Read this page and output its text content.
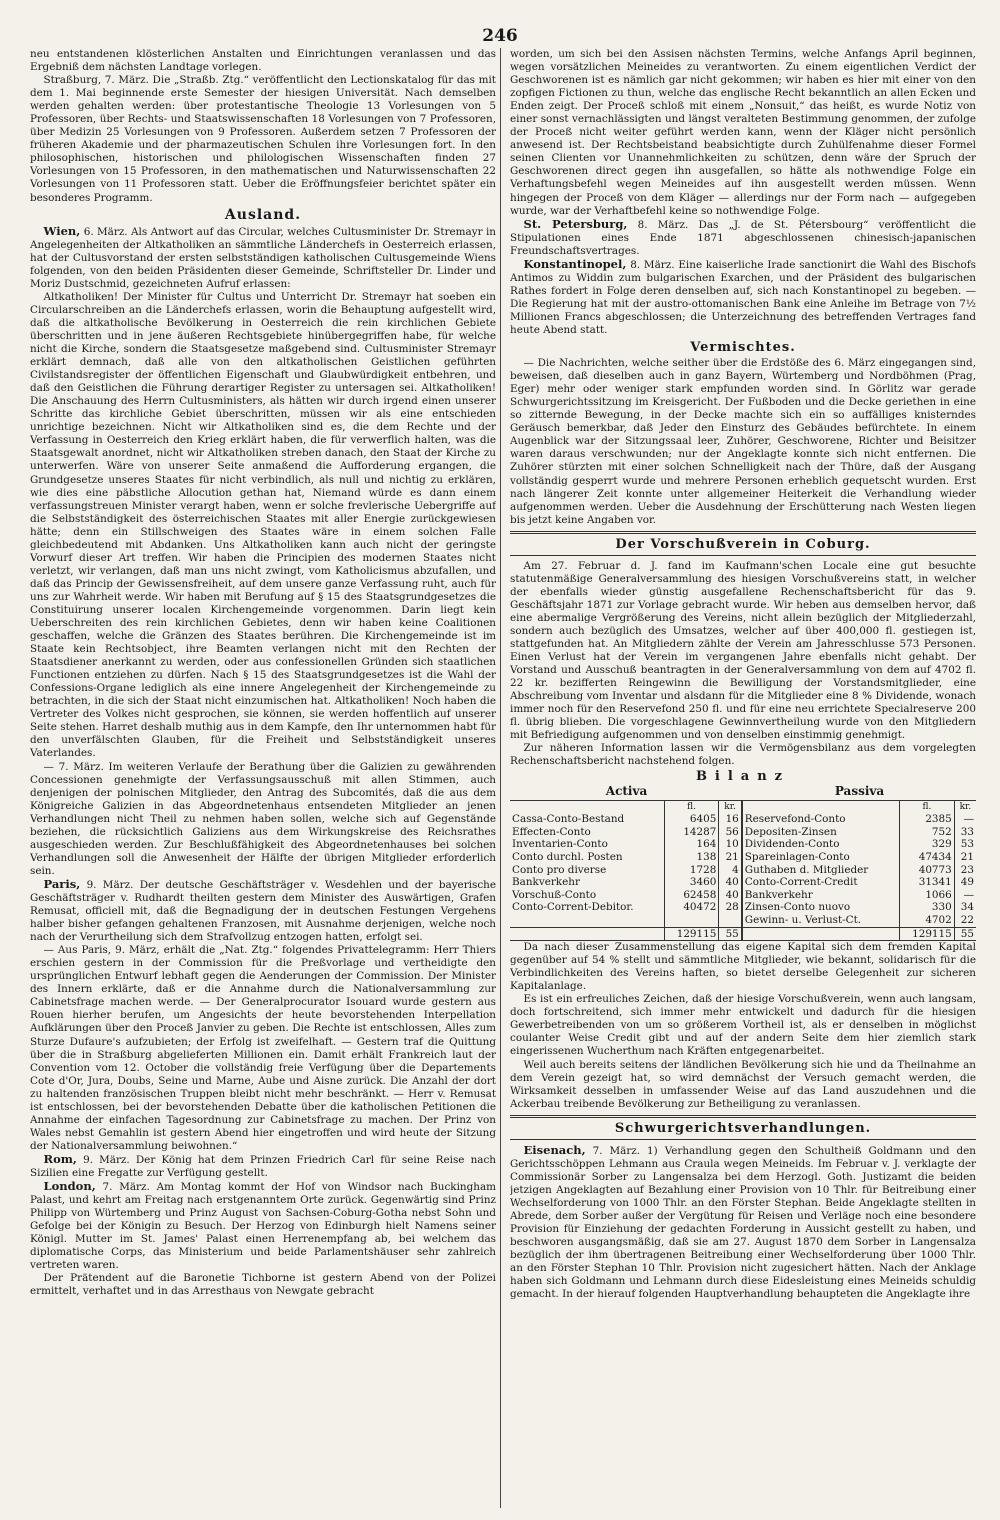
246

neu entstandenen klösterlichen Anstalten und Einrichtungen veranlassen und das Ergebniß dem nächsten Landtage vorlegen.

Straßburg, 7. März. Die „Straßb. Ztg.“ veröffentlicht den Lectionskatalog für das mit dem 1. Mai beginnende erste Semester der hiesigen Universität. Nach demselben werden gehalten werden: über protestantische Theologie 13 Vorlesungen von 5 Professoren, über Rechts- und Staatswissenschaften 18 Vorlesungen von 7 Professoren, über Medizin 25 Vorlesungen von 9 Professoren. Außerdem setzen 7 Professoren der früheren Akademie und der pharmazeutischen Schulen ihre Vorlesungen fort. In den philosophischen, historischen und philologischen Wissenschaften finden 27 Vorlesungen von 15 Professoren, in den mathematischen und Naturwissenschaften 22 Vorlesungen von 11 Professoren statt. Ueber die Eröffnungsfeier berichtet später ein besonderes Programm.

Ausland.

Wien, 6. März. Als Antwort auf das Circular, welches Cultusminister Dr. Stremayr in Angelegenheiten der Altkatholiken an sämmtliche Länderchefs in Oesterreich erlassen, hat der Cultusvorstand der ersten selbstständigen katholischen Cultusgemeinde Wiens folgenden, von den beiden Präsidenten dieser Gemeinde, Schriftsteller Dr. Linder und Moriz Dustschmid, gezeichneten Aufruf erlassen:

Altkatholiken! Der Minister für Cultus und Unterricht Dr. Stremayr hat soeben ein Circularschreiben an die Länderchefs erlassen, worin die Behauptung aufgestellt wird, daß die altkatholische Bevölkerung in Oesterreich die rein kirchlichen Gebiete überschritten und in jene äußeren Rechtsgebiete hinübergegriffen habe, für welche nicht die Kirche, sondern die Staatsgesetze maßgebend sind. Cultusminister Stremayr erklärt demnach, daß alle von den altkatholischen Geistlichen geführten Civilstandsregister der öffentlichen Eigenschaft und Glaubwürdigkeit entbehren, und daß den Geistlichen die Führung derartiger Register zu untersagen sei. Altkatholiken! Die Anschauung des Herrn Cultusministers, als hätten wir durch irgend einen unserer Schritte das kirchliche Gebiet überschritten, müssen wir als eine entschieden unrichtige bezeichnen. Nicht wir Altkatholiken sind es, die dem Rechte und der Verfassung in Oesterreich den Krieg erklärt haben, die für verwerflich halten, was die Staatsgewalt anordnet, nicht wir Altkatholiken streben danach, den Staat der Kirche zu unterwerfen. Wäre von unserer Seite anmaßend die Aufforderung ergangen, die Grundgesetze unseres Staates für nicht verbindlich, als null und nichtig zu erklären, wie dies eine päbstliche Allocution gethan hat, Niemand würde es dann einem verfassungstreuen Minister verargt haben, wenn er solche frevlerische Uebergriffe auf die Selbstständigkeit des österreichischen Staates mit aller Energie zurückgewiesen hätte; denn ein Stillschweigen des Staates wäre in einem solchen Falle gleichbedeutend mit Abdanken. Uns Altkatholiken kann auch nicht der geringste Vorwurf dieser Art treffen. Wir haben die Principien des modernen Staates nicht verletzt, wir verlangen, daß man uns nicht zwingt, vom Katholicismus abzufallen, und daß das Princip der Gewissensfreiheit, auf dem unsere ganze Verfassung ruht, auch für uns zur Wahrheit werde. Wir haben mit Berufung auf § 15 des Staatsgrundgesetzes die Constituirung unserer localen Kirchengemeinde vorgenommen. Darin liegt kein Ueberschreiten des rein kirchlichen Gebietes, denn wir haben keine Coalitionen geschaffen, welche die Gränzen des Staates berühren. Die Kirchengemeinde ist im Staate kein Rechtsobject, ihre Beamten verlangen nicht mit den Rechten der Staatsdiener anerkannt zu werden, oder aus confessionellen Gründen sich staatlichen Functionen entziehen zu dürfen. Nach § 15 des Staatsgrundgesetzes ist die Wahl der Confessions-Organe lediglich als eine innere Angelegenheit der Kirchengemeinde zu betrachten, in die sich der Staat nicht einzumischen hat. Altkatholiken! Noch haben die Vertreter des Volkes nicht gesprochen, sie können, sie werden hoffentlich auf unserer Seite stehen. Harret deshalb muthig aus in dem Kampfe, den Ihr unternommen habt für den unverfälschten Glauben, für die Freiheit und Selbstständigkeit unseres Vaterlandes.

— 7. März. Im weiteren Verlaufe der Berathung über die Galizien zu gewährenden Concessionen genehmigte der Verfassungsausschuß mit allen Stimmen, auch denjenigen der polnischen Mitglieder, den Antrag des Subcomités, daß die aus dem Königreiche Galizien in das Abgeordnetenhaus entsendeten Mitglieder an jenen Verhandlungen nicht Theil zu nehmen haben sollen, welche sich auf Gegenstände beziehen, die rücksichtlich Galiziens aus dem Wirkungskreise des Reichsrathes ausgeschieden werden. Zur Beschlußfähigkeit des Abgeordnetenhauses bei solchen Verhandlungen soll die Anwesenheit der Hälfte der übrigen Mitglieder erforderlich sein.

Paris, 9. März. Der deutsche Geschäftsträger v. Wesdehlen und der bayerische Geschäftsträger v. Rudhardt theilten gestern dem Minister des Auswärtigen, Grafen Remusat, officiell mit, daß die Begnadigung der in deutschen Festungen Vergehens halber bisher gefangen gehaltenen Franzosen, mit Ausnahme derjenigen, welche noch nach der Verurtheilung sich dem Strafvollzug entzogen hatten, erfolgt sei.

— Aus Paris, 9. März, erhält die „Nat. Ztg.“ folgendes Privattelegramm: Herr Thiers erschien gestern in der Commission für die Preßvorlage und vertheidigte den ursprünglichen Entwurf lebhaft gegen die Aenderungen der Commission. Der Minister des Innern erklärte, daß er die Annahme durch die Nationalversammlung zur Cabinetsfrage machen werde. — Der Generalprocurator Isouard wurde gestern aus Rouen hierher berufen, um Angesichts der heute bevorstehenden Interpellation Aufklärungen über den Proceß Janvier zu geben. Die Rechte ist entschlossen, Alles zum Sturze Dufaure's aufzubieten; der Erfolg ist zweifelhaft. — Gestern traf die Quittung über die in Straßburg abgelieferten Millionen ein. Damit erhält Frankreich laut der Convention vom 12. October die vollständig freie Verfügung über die Departements Cote d'Or, Jura, Doubs, Seine und Marne, Aube und Aisne zurück. Die Anzahl der dort zu haltenden französischen Truppen bleibt nicht mehr beschränkt. — Herr v. Remusat ist entschlossen, bei der bevorstehenden Debatte über die katholischen Petitionen die Annahme der einfachen Tagesordnung zur Cabinetsfrage zu machen. Der Prinz von Wales nebst Gemahlin ist gestern Abend hier eingetroffen und wird heute der Sitzung der Nationalversammlung beiwohnen.“

Rom, 9. März. Der König hat dem Prinzen Friedrich Carl für seine Reise nach Sizilien eine Fregatte zur Verfügung gestellt.

London, 7. März. Am Montag kommt der Hof von Windsor nach Buckingham Palast, und kehrt am Freitag nach erstgenanntem Orte zurück. Gegenwärtig sind Prinz Philipp von Würtemberg und Prinz August von Sachsen-Coburg-Gotha nebst Sohn und Gefolge bei der Königin zu Besuch. Der Herzog von Edinburgh hielt Namens seiner Königl. Mutter im St. James' Palast einen Herrenempfang ab, bei welchem das diplomatische Corps, das Ministerium und beide Parlamentshäuser sehr zahlreich vertreten waren.

Der Prätendent auf die Baronetie Tichborne ist gestern Abend von der Polizei ermittelt, verhaftet und in das Arresthaus von Newgate gebracht

worden, um sich bei den Assisen nächsten Termins, welche Anfangs April beginnen, wegen vorsätzlichen Meineides zu verantworten. Zu einem eigentlichen Verdict der Geschworenen ist es nämlich gar nicht gekommen; wir haben es hier mit einer von den zopfigen Fictionen zu thun, welche das englische Recht bekanntlich an allen Ecken und Enden zeigt. Der Proceß schloß mit einem „Nonsuit,“ das heißt, es wurde Notiz von einer sonst vernachlässigten und längst veralteten Bestimmung genommen, der zufolge der Proceß nicht weiter geführt werden kann, wenn der Kläger nicht persönlich anwesend ist. Der Rechtsbeistand beabsichtigte durch Zuhülfenahme dieser Formel seinen Clienten vor Unannehmlichkeiten zu schützen, denn wäre der Spruch der Geschworenen direct gegen ihn ausgefallen, so hätte als nothwendige Folge ein Verhaftungsbefehl wegen Meineides auf ihn ausgestellt werden müssen. Wenn hingegen der Proceß von dem Kläger — allerdings nur der Form nach — aufgegeben wurde, war der Verhaftbefehl keine so nothwendige Folge.

St. Petersburg, 8. März. Das „J. de St. Pétersbourg“ veröffentlicht die Stipulationen eines Ende 1871 abgeschlossenen chinesisch-japanischen Freundschaftsvertrages.

Konstantinopel, 8. März. Eine kaiserliche Irade sanctionirt die Wahl des Bischofs Antimos zu Widdin zum bulgarischen Exarchen, und der Präsident des bulgarischen Rathes fordert in Folge deren denselben auf, sich nach Konstantinopel zu begeben. — Die Regierung hat mit der austro-ottomanischen Bank eine Anleihe im Betrage von 7½ Millionen Francs abgeschlossen; die Unterzeichnung des betreffenden Vertrages fand heute Abend statt.

Vermischtes.

— Die Nachrichten, welche seither über die Erdstöße des 6. März eingegangen sind, beweisen, daß dieselben auch in ganz Bayern, Würtemberg und Nordböhmen (Prag, Eger) mehr oder weniger stark empfunden worden sind. In Görlitz war gerade Schwurgerichtssitzung im Kreisgericht. Der Fußboden und die Decke geriethen in eine so zitternde Bewegung, in der Decke machte sich ein so auffälliges knisterndes Geräusch bemerkbar, daß Jeder den Einsturz des Gebäudes befürchtete. In einem Augenblick war der Sitzungssaal leer, Zuhörer, Geschworene, Richter und Beisitzer waren daraus verschwunden; nur der Angeklagte konnte sich nicht entfernen. Die Zuhörer stürzten mit einer solchen Schnelligkeit nach der Thüre, daß der Ausgang vollständig gesperrt wurde und mehrere Personen erheblich gequetscht wurden. Erst nach längerer Zeit konnte unter allgemeiner Heiterkeit die Verhandlung wieder aufgenommen werden. Ueber die Ausdehnung der Erschütterung nach Westen liegen bis jetzt keine Angaben vor.

Der Vorschußverein in Coburg.

Am 27. Februar d. J. fand im Kaufmann'schen Locale eine gut besuchte statutenmäßige Generalversammlung des hiesigen Vorschußvereins statt, in welcher der ebenfalls wieder günstig ausgefallene Rechenschaftsbericht für das 9. Geschäftsjahr 1871 zur Vorlage gebracht wurde. Wir heben aus demselben hervor, daß eine abermalige Vergrößerung des Vereins, nicht allein bezüglich der Mitgliederzahl, sondern auch bezüglich des Umsatzes, welcher auf über 400,000 fl. gestiegen ist, stattgefunden hat. An Mitgliedern zählte der Verein am Jahresschlusse 573 Personen. Einen Verlust hat der Verein im vergangenen Jahre ebenfalls nicht gehabt. Der Vorstand und Ausschuß beantragten in der Generalversammlung von dem auf 4702 fl. 22 kr. bezifferten Reingewinn die Bewilligung der Vorstandsmitglieder, eine Abschreibung vom Inventar und alsdann für die Mitglieder eine 8 % Dividende, wonach immer noch für den Reservefond 250 fl. und für eine neu errichtete Specialreserve 200 fl. übrig blieben. Die vorgeschlagene Gewinnvertheilung wurde von den Mitgliedern mit Befriedigung aufgenommen und von denselben einstimmig genehmigt.

Zur näheren Information lassen wir die Vermögensbilanz aus dem vorgelegten Rechenschaftsbericht nachstehend folgen.

Bilanz
Activa	Passiva
	fl.	kr.		fl.	kr.
Cassa-Conto-Bestand	6405	16	Reservefond-Conto	2385	—
Effecten-Conto	14287	56	Depositen-Zinsen	752	33
Inventarien-Conto	164	10	Dividenden-Conto	329	53
Conto durchl. Posten	138	21	Spareinlagen-Conto	47434	21
Conto pro diverse	1728	4	Guthaben d. Mitglieder	40773	23
Bankverkehr	3460	40	Conto-Corrent-Credit	31341	49
Vorschuß-Conto	62458	40	Bankverkehr	1066	—
Conto-Corrent-Debitor.	40472	28	Zinsen-Conto nuovo	330	34
			Gewinn- u. Verlust-Ct.	4702	22
	129115	55		129115	55

Da nach dieser Zusammenstellung das eigene Kapital sich dem fremden Kapital gegenüber auf 54 % stellt und sämmtliche Mitglieder, wie bekannt, solidarisch für die Verbindlichkeiten des Vereins haften, so bietet derselbe Gelegenheit zur sicheren Kapitalanlage.

Es ist ein erfreuliches Zeichen, daß der hiesige Vorschußverein, wenn auch langsam, doch fortschreitend, sich immer mehr entwickelt und dadurch für die hiesigen Gewerbetreibenden von um so größerem Vortheil ist, als er denselben in möglichst coulanter Weise Credit gibt und auf der andern Seite dem hier ziemlich stark eingerissenen Wucherthum nach Kräften entgegenarbeitet.

Weil auch bereits seitens der ländlichen Bevölkerung sich hie und da Theilnahme an dem Verein gezeigt hat, so wird demnächst der Versuch gemacht werden, die Wirksamkeit desselben in umfassender Weise auf das Land auszudehnen und die Ackerbau treibende Bevölkerung zur Betheiligung zu veranlassen.

Schwurgerichtsverhandlungen.

Eisenach, 7. März. 1) Verhandlung gegen den Schultheiß Goldmann und den Gerichtsschöppen Lehmann aus Craula wegen Meineids. Im Februar v. J. verklagte der Commissionär Sorber zu Langensalza bei dem Herzogl. Goth. Justizamt die beiden jetzigen Angeklagten auf Bezahlung einer Provision von 10 Thlr. für Beitreibung einer Wechselforderung von 1000 Thlr. an den Förster Stephan. Beide Angeklagte stellten in Abrede, dem Sorber außer der Vergütung für Reisen und Verläge noch eine besondere Provision für Einziehung der gedachten Forderung in Aussicht gestellt zu haben, und beschworen ausgangsmäßig, daß sie am 27. August 1870 dem Sorber in Langensalza bezüglich der ihm übertragenen Beitreibung einer Wechselforderung über 1000 Thlr. an den Förster Stephan 10 Thlr. Provision nicht zugesichert hätten. Nach der Anklage haben sich Goldmann und Lehmann durch diese Eidesleistung eines Meineids schuldig gemacht. In der hierauf folgenden Hauptverhandlung behaupteten die Angeklagte ihre
